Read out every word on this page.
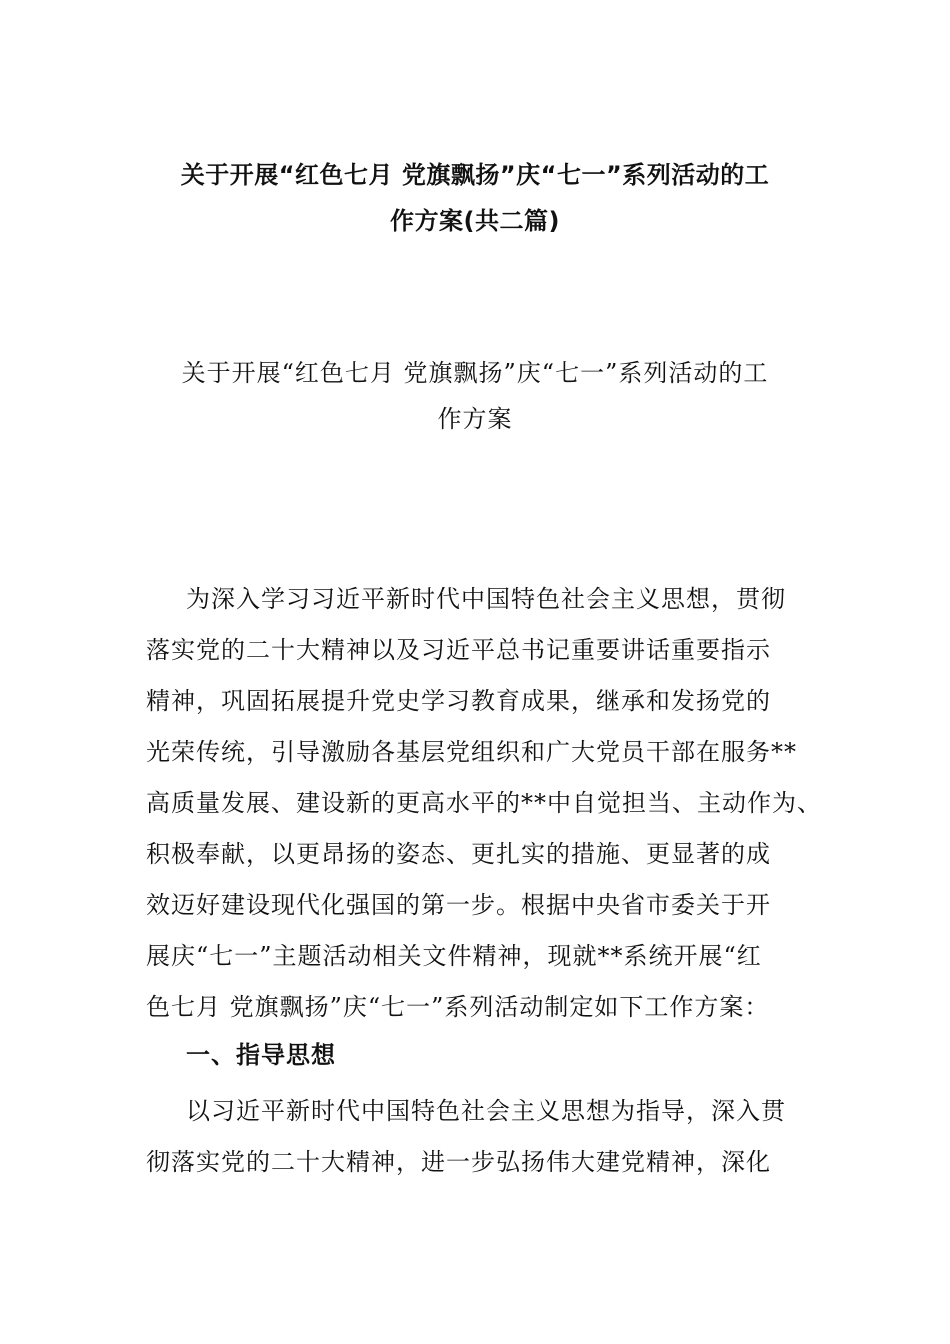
关于开展“红色七月 党旗飘扬”庆“七一”系列活动的工
作方案(共二篇)
关于开展“红色七月 党旗飘扬”庆“七一”系列活动的工
作方案
为深入学习习近平新时代中国特色社会主义思想，贯彻
落实党的二十大精神以及习近平总书记重要讲话重要指示
精神，巩固拓展提升党史学习教育成果，继承和发扬党的
光荣传统，引导激励各基层党组织和广大党员干部在服务**
高质量发展、建设新的更高水平的**中自觉担当、主动作为、
积极奉献，以更昂扬的姿态、更扎实的措施、更显著的成
效迈好建设现代化强国的第一步。根据中央省市委关于开
展庆“七一”主题活动相关文件精神，现就**系统开展“红
色七月 党旗飘扬”庆“七一”系列活动制定如下工作方案：
一、指导思想
以习近平新时代中国特色社会主义思想为指导，深入贯
彻落实党的二十大精神，进一步弘扬伟大建党精神，深化
